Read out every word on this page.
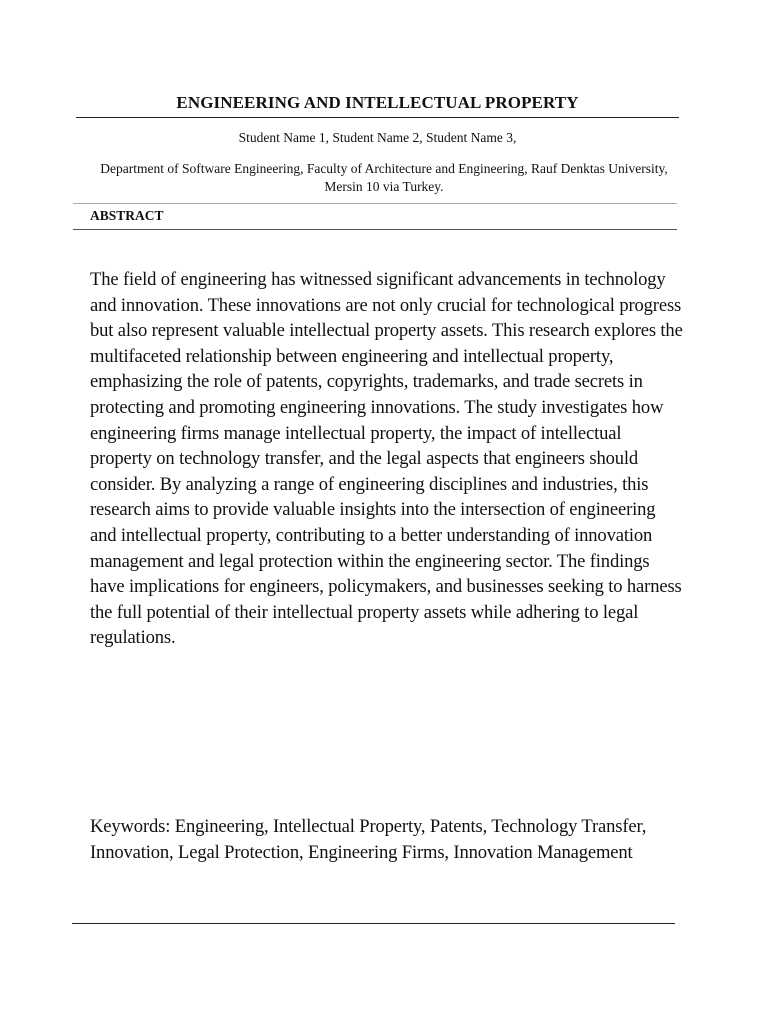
ENGINEERING AND INTELLECTUAL PROPERTY

Student Name 1, Student Name 2, Student Name 3,

Department of Software Engineering, Faculty of Architecture and Engineering, Rauf Denktas University, Mersin 10 via Turkey.

ABSTRACT

The field of engineering has witnessed significant advancements in technology and innovation. These innovations are not only crucial for technological progress but also represent valuable intellectual property assets. This research explores the multifaceted relationship between engineering and intellectual property, emphasizing the role of patents, copyrights, trademarks, and trade secrets in protecting and promoting engineering innovations. The study investigates how engineering firms manage intellectual property, the impact of intellectual property on technology transfer, and the legal aspects that engineers should consider. By analyzing a range of engineering disciplines and industries, this research aims to provide valuable insights into the intersection of engineering and intellectual property, contributing to a better understanding of innovation management and legal protection within the engineering sector. The findings have implications for engineers, policymakers, and businesses seeking to harness the full potential of their intellectual property assets while adhering to legal regulations.

Keywords: Engineering, Intellectual Property, Patents, Technology Transfer, Innovation, Legal Protection, Engineering Firms, Innovation Management
